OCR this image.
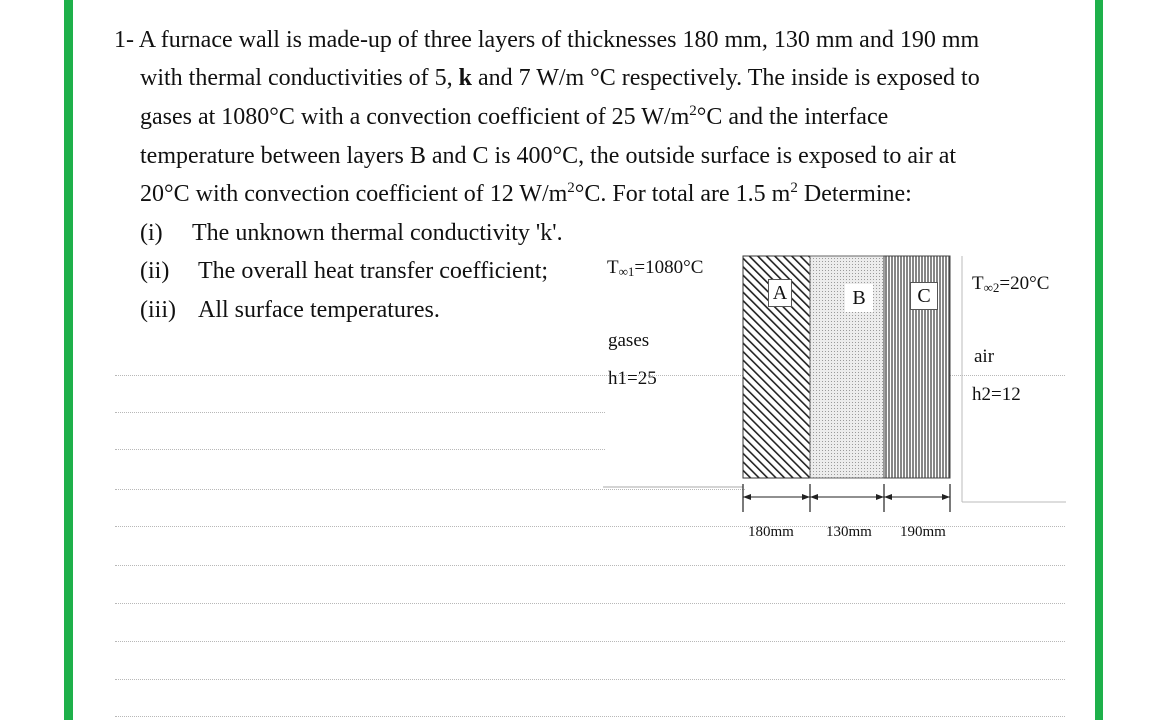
1- A furnace wall is made-up of three layers of thicknesses 180 mm, 130 mm and 190 mm
with thermal conductivities of 5, k and 7 W/m °C respectively. The inside is exposed to
gases at 1080°C with a convection coefficient of 25 $W/m^2^\circ C$ and the interface
temperature between layers B and C is 400°C, the outside surface is exposed to air at
20°C with convection coefficient of 12 $W/m^2^\circ C$. For total are 1.5 $m^2$ Determine:
(i) The unknown thermal conductivity 'k'.
(ii) The overall heat transfer coefficient;
(iii) All surface temperatures.
A	B	C
$T_{\infty 1}=1080^\circ C$
$T_{\infty 2}=20^\circ C$
gases
h1=25
air
h2=12
180mm 130mm 190mm
